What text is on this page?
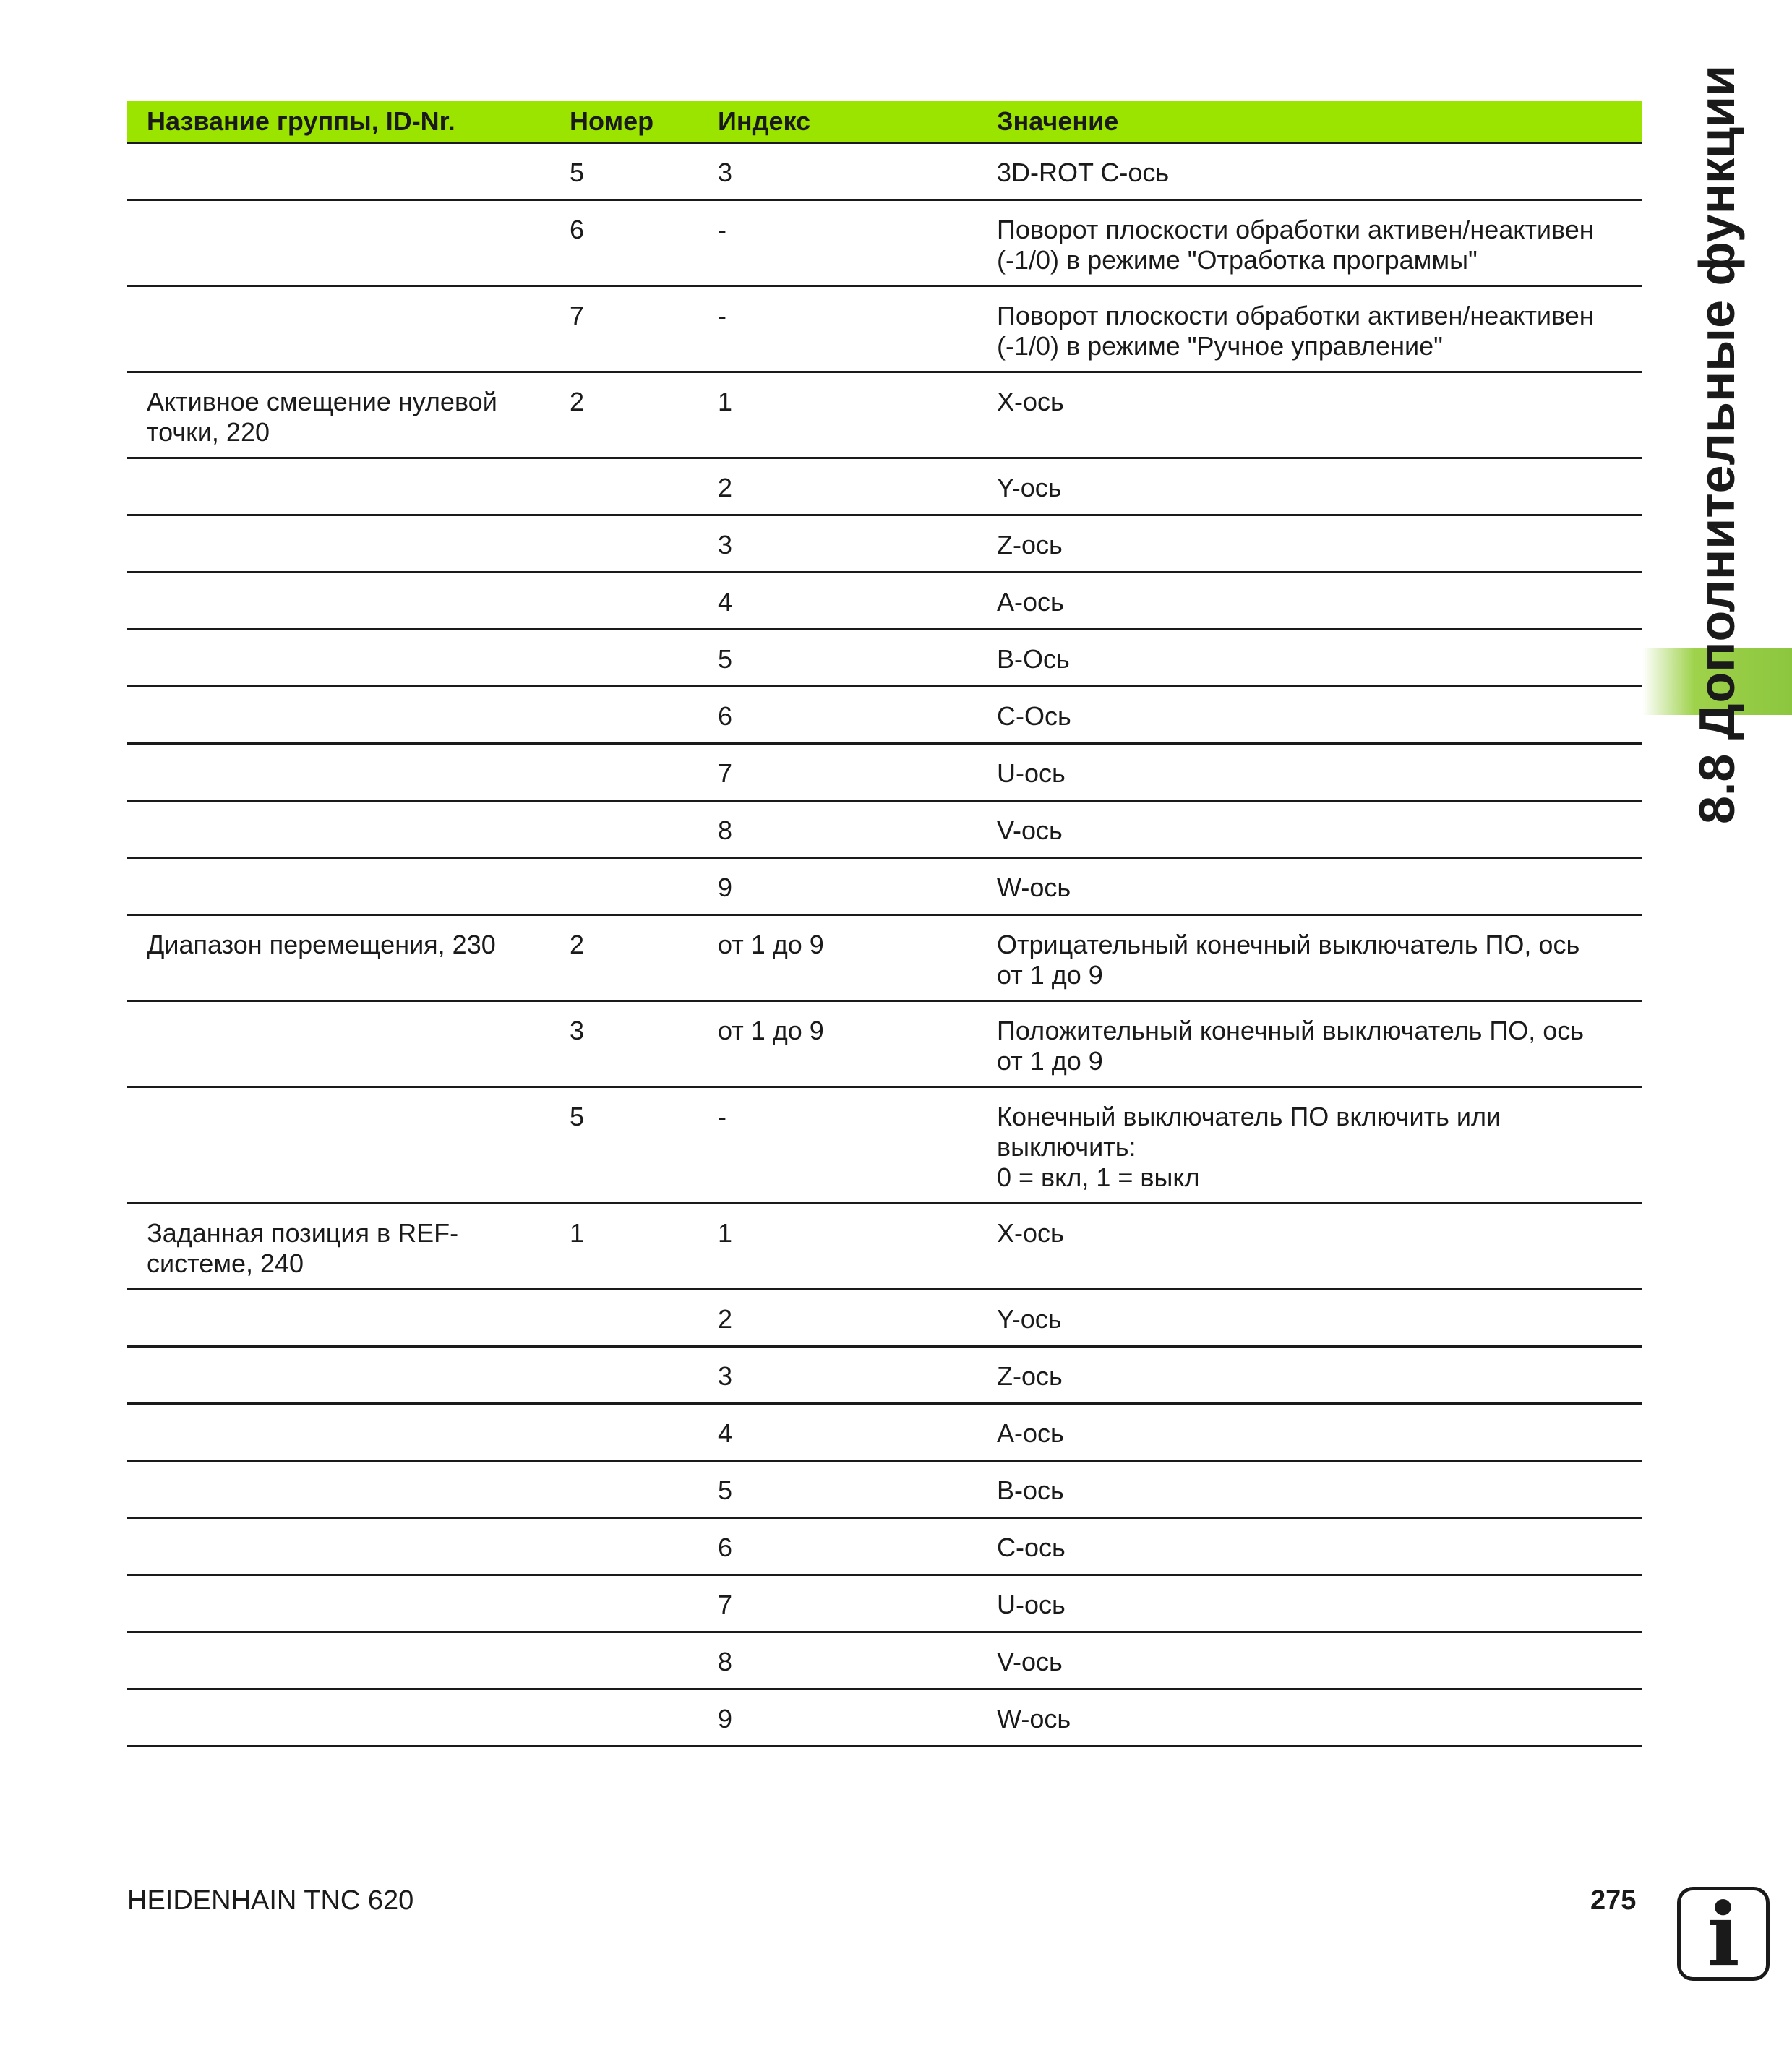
Название группы, ID-Nr.	Номер	Индекс	Значение
	5	3	3D-ROT C-ось

	6	-	Поворот плоскости обработки активен/неактивен
(-1/0) в режиме "Отработка программы"

	7	-	Поворот плоскости обработки активен/неактивен
(-1/0) в режиме "Ручное управление"

Активное смещение нулевой
точки, 220	2	1	X-ось

		2	Y-ось

		3	Z-ось

		4	A-ось

		5	B-Ось

		6	C-Ось

		7	U-ось

		8	V-ось

		9	W-ось

Диапазон перемещения, 230	2	от 1 до 9	Отрицательный конечный выключатель ПО, ось
от 1 до 9

	3	от 1 до 9	Положительный конечный выключатель ПО, ось
от 1 до 9

	5	-	Конечный выключатель ПО включить или
выключить:
0 = вкл, 1 = выкл

Заданная позиция в REF-
системе, 240	1	1	X-ось

		2	Y-ось

		3	Z-ось

		4	A-ось

		5	B-ось

		6	C-ось

		7	U-ось

		8	V-ось

		9	W-ось
8.8 Дополнительные функции
HEIDENHAIN TNC 620	275 i
